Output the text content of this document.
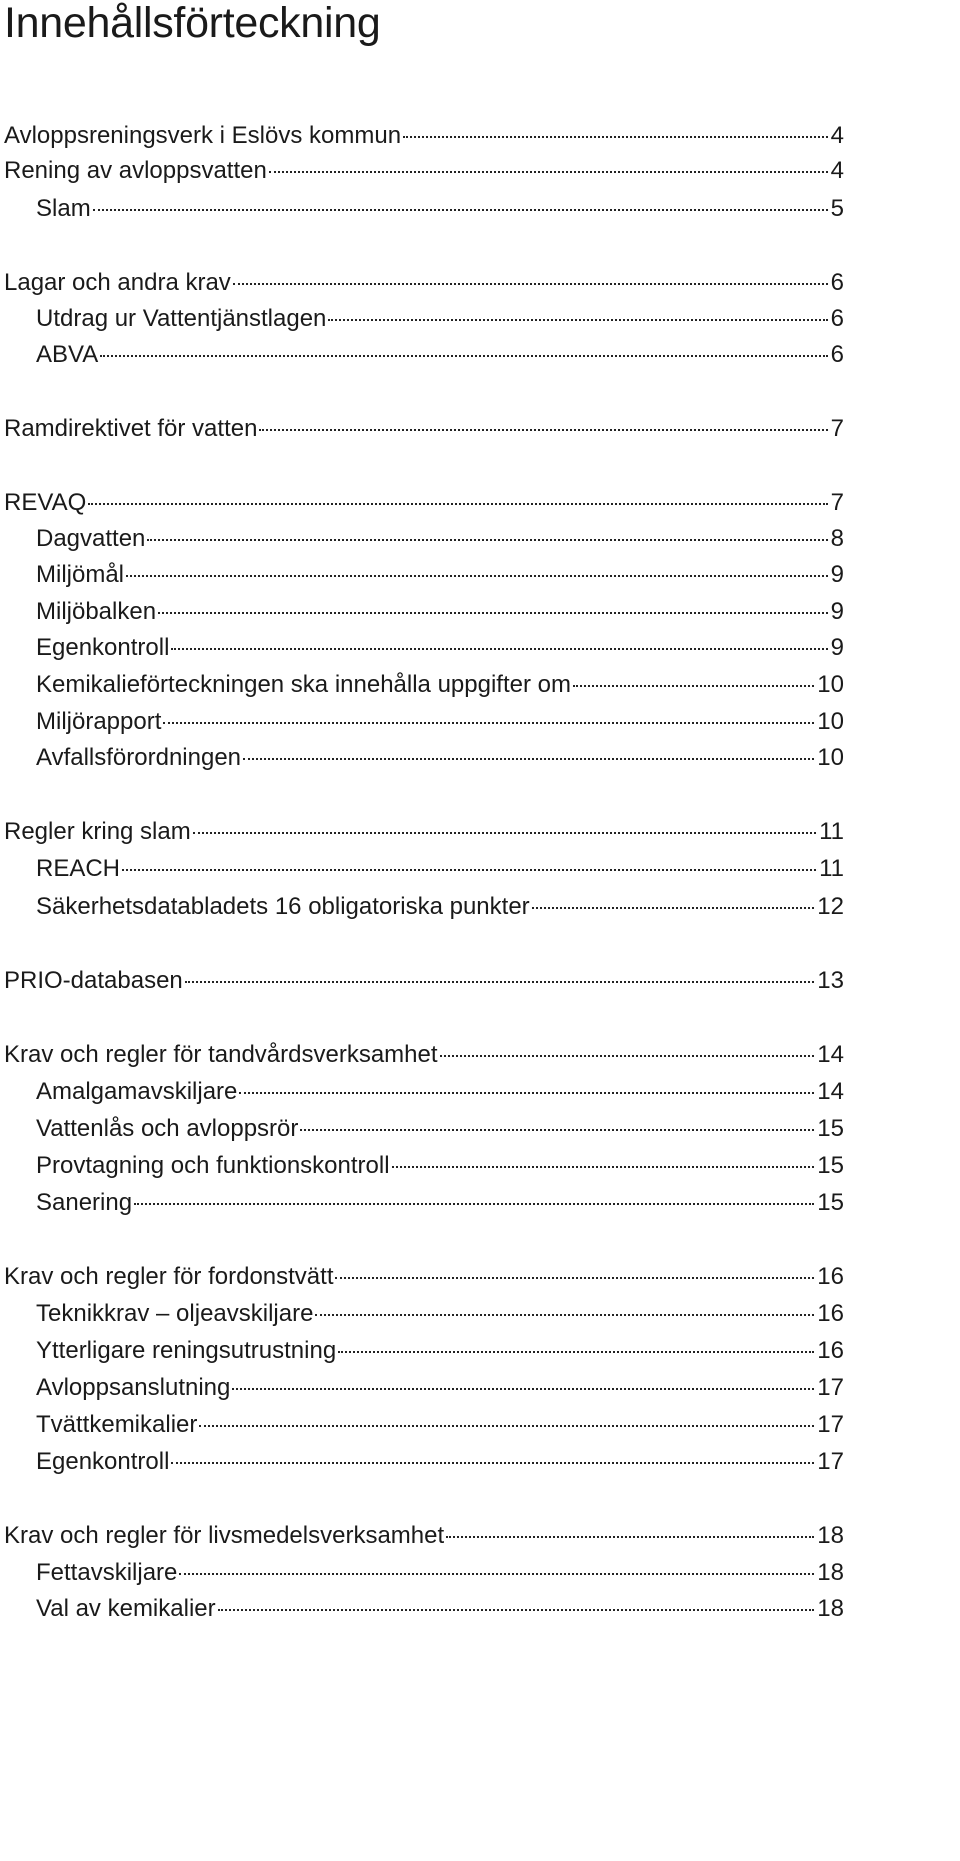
Innehållsförteckning
Avloppsreningsverk i Eslövs kommun	4
Rening av avloppsvatten	4
Slam	5
Lagar och andra krav	6
Utdrag ur Vattentjänstlagen	6
ABVA	6
Ramdirektivet för vatten	7
REVAQ	7
Dagvatten	8
Miljömål	9
Miljöbalken	9
Egenkontroll	9
Kemikalieförteckningen ska innehålla uppgifter om	10
Miljörapport	10
Avfallsförordningen	10
Regler kring slam	11
REACH	11
Säkerhetsdatabladets 16 obligatoriska punkter	12
PRIO-databasen	13
Krav och regler för tandvårdsverksamhet	14
Amalgamavskiljare	14
Vattenlås och avloppsrör	15
Provtagning och funktionskontroll	15
Sanering	15
Krav och regler för fordonstvätt	16
Teknikkrav – oljeavskiljare	16
Ytterligare reningsutrustning	16
Avloppsanslutning	17
Tvättkemikalier	17
Egenkontroll	17
Krav och regler för livsmedelsverksamhet	18
Fettavskiljare	18
Val av kemikalier	18
